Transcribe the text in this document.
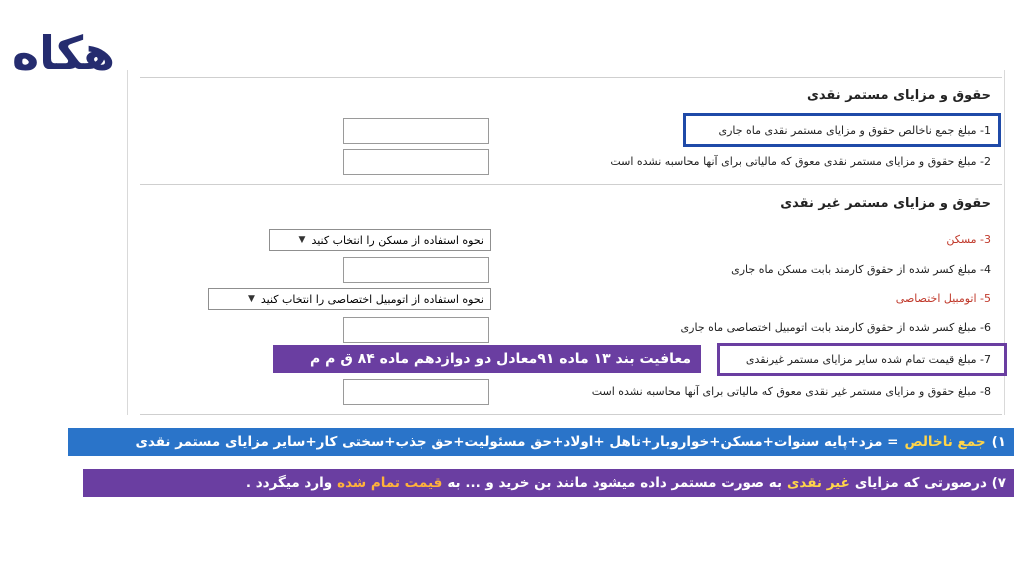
ﻫﻜﺎﻩ
حقوق و مزایای مستمر نقدی
1- مبلغ جمع ناخالص حقوق و مزایای مستمر نقدی ماه جاری
2- مبلغ حقوق و مزایای مستمر نقدی معوق که مالیاتی برای آنها محاسبه نشده است
حقوق و مزایای مستمر غیر نقدی
3- مسکن
نحوه استفاده از مسکن را انتخاب کنید
▼
4- مبلغ کسر شده از حقوق کارمند بابت مسکن ماه جاری
5- اتومبیل اختصاصی
نحوه استفاده از اتومبیل اختصاصی را انتخاب کنید
▼
6- مبلغ کسر شده از حقوق کارمند بابت اتومبیل اختصاصی ماه جاری
معافیت بند ۱۳ ماده ۹۱معادل دو دوازدهم ماده ۸۴ ق م م	7- مبلغ قیمت تمام شده سایر مزایای مستمر غیرنقدی
8- مبلغ حقوق و مزایای مستمر غیر نقدی معوق که مالیاتی برای آنها محاسبه نشده است
۱)
جمع ناخالص
= مزد+پایه سنوات+مسکن+خواروبار+تاهل +اولاد+حق مسئولیت+حق جذب+سختی کار+سایر مزایای مستمر نقدی
۷) درصورتی که مزایای
غیر نقدی
به صورت مستمر داده میشود مانند بن خرید و ... به
قیمت تمام شده
وارد میگردد .
